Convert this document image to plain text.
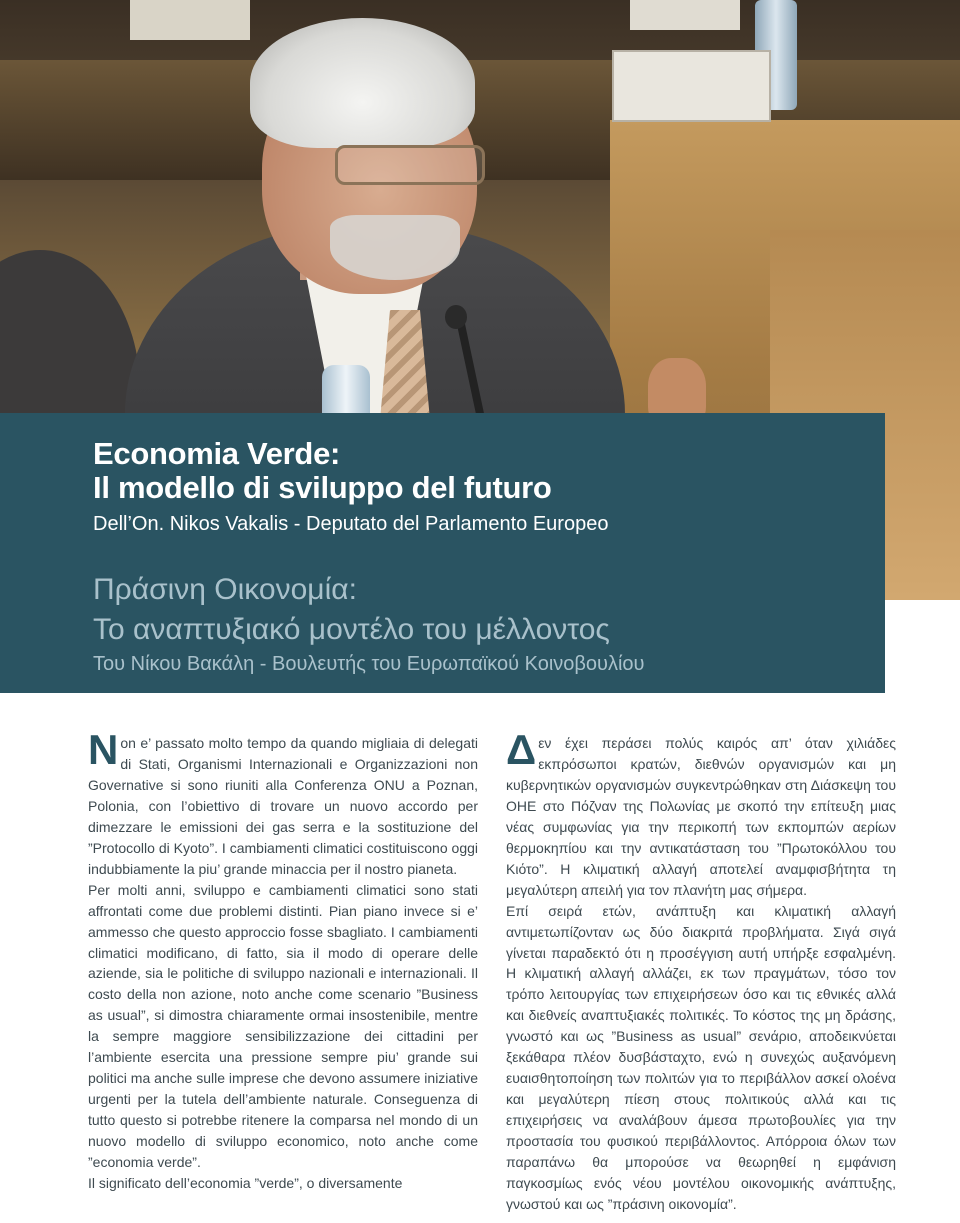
Economia Verde:
Il modello di sviluppo del futuro
Dell’On. Nikos Vakalis - Deputato del Parlamento Europeo
Πράσινη Οικονομία:
Το αναπτυξιακό μοντέλο του μέλλοντος
Του Νίκου Βακάλη - Βουλευτής του Ευρωπαϊκού Κοινοβουλίου

Non e’ passato molto tempo da quando migliaia di delegati di Stati, Organismi Internazionali e Organizzazioni non Governative si sono riuniti alla Conferenza ONU a Poznan, Polonia, con l’obiettivo di trovare un nuovo accordo per dimezzare le emissioni dei gas serra e la sostituzione del ”Protocollo di Kyoto”. I cambiamenti climatici costituiscono oggi indubbiamente la piu’ grande minaccia per il nostro pianeta.

Per molti anni, sviluppo e cambiamenti climatici sono stati affrontati come due problemi distinti. Pian piano invece si e’ ammesso che questo approccio fosse sbagliato. I cambiamenti climatici modificano, di fatto, sia il modo di operare delle aziende, sia le politiche di sviluppo nazionali e internazionali. Il costo della non azione, noto anche come scenario ”Business as usual”, si dimostra chiaramente ormai insostenibile, mentre la sempre maggiore sensibilizzazione dei cittadini per l’ambiente esercita una pressione sempre piu’ grande sui politici ma anche sulle imprese che devono assumere iniziative urgenti per la tutela dell’ambiente naturale. Conseguenza di tutto questo si potrebbe ritenere la comparsa nel mondo di un nuovo modello di sviluppo economico, noto anche come ”economia verde”.

Il significato dell’economia ”verde”, o diversamente

Δεν έχει περάσει πολύς καιρός απ’ όταν χιλιάδες εκπρόσωποι κρατών, διεθνών οργανισμών και μη κυβερνητικών οργανισμών συγκεντρώθηκαν στη Διάσκεψη του ΟΗΕ στο Πόζναν της Πολωνίας με σκοπό την επίτευξη μιας νέας συμφωνίας για την περικοπή των εκπομπών αερίων θερμοκηπίου και την αντικατάσταση του ”Πρωτοκόλλου του Κιότο”. Η κλιματική αλλαγή αποτελεί αναμφισβήτητα τη μεγαλύτερη απειλή για τον πλανήτη μας σήμερα.

Επί σειρά ετών, ανάπτυξη και κλιματική αλλαγή αντιμετωπίζονταν ως δύο διακριτά προβλήματα. Σιγά σιγά γίνεται παραδεκτό ότι η προσέγγιση αυτή υπήρξε εσφαλμένη. Η κλιματική αλλαγή αλλάζει, εκ των πραγμάτων, τόσο τον τρόπο λειτουργίας των επιχειρήσεων όσο και τις εθνικές αλλά και διεθνείς αναπτυξιακές πολιτικές. Το κόστος της μη δράσης, γνωστό και ως ”Business as usual” σενάριο, αποδεικνύεται ξεκάθαρα πλέον δυσβάσταχτο, ενώ η συνεχώς αυξανόμενη ευαισθητοποίηση των πολιτών για το περιβάλλον ασκεί ολοένα και μεγαλύτερη πίεση στους πολιτικούς αλλά και τις επιχειρήσεις να αναλάβουν άμεσα πρωτοβουλίες για την προστασία του φυσικού περιβάλλοντος. Απόρροια όλων των παραπάνω θα μπορούσε να θεωρηθεί η εμφάνιση παγκοσμίως ενός νέου μοντέλου οικονομικής ανάπτυξης, γνωστού και ως ”πράσινη οικονομία”.
